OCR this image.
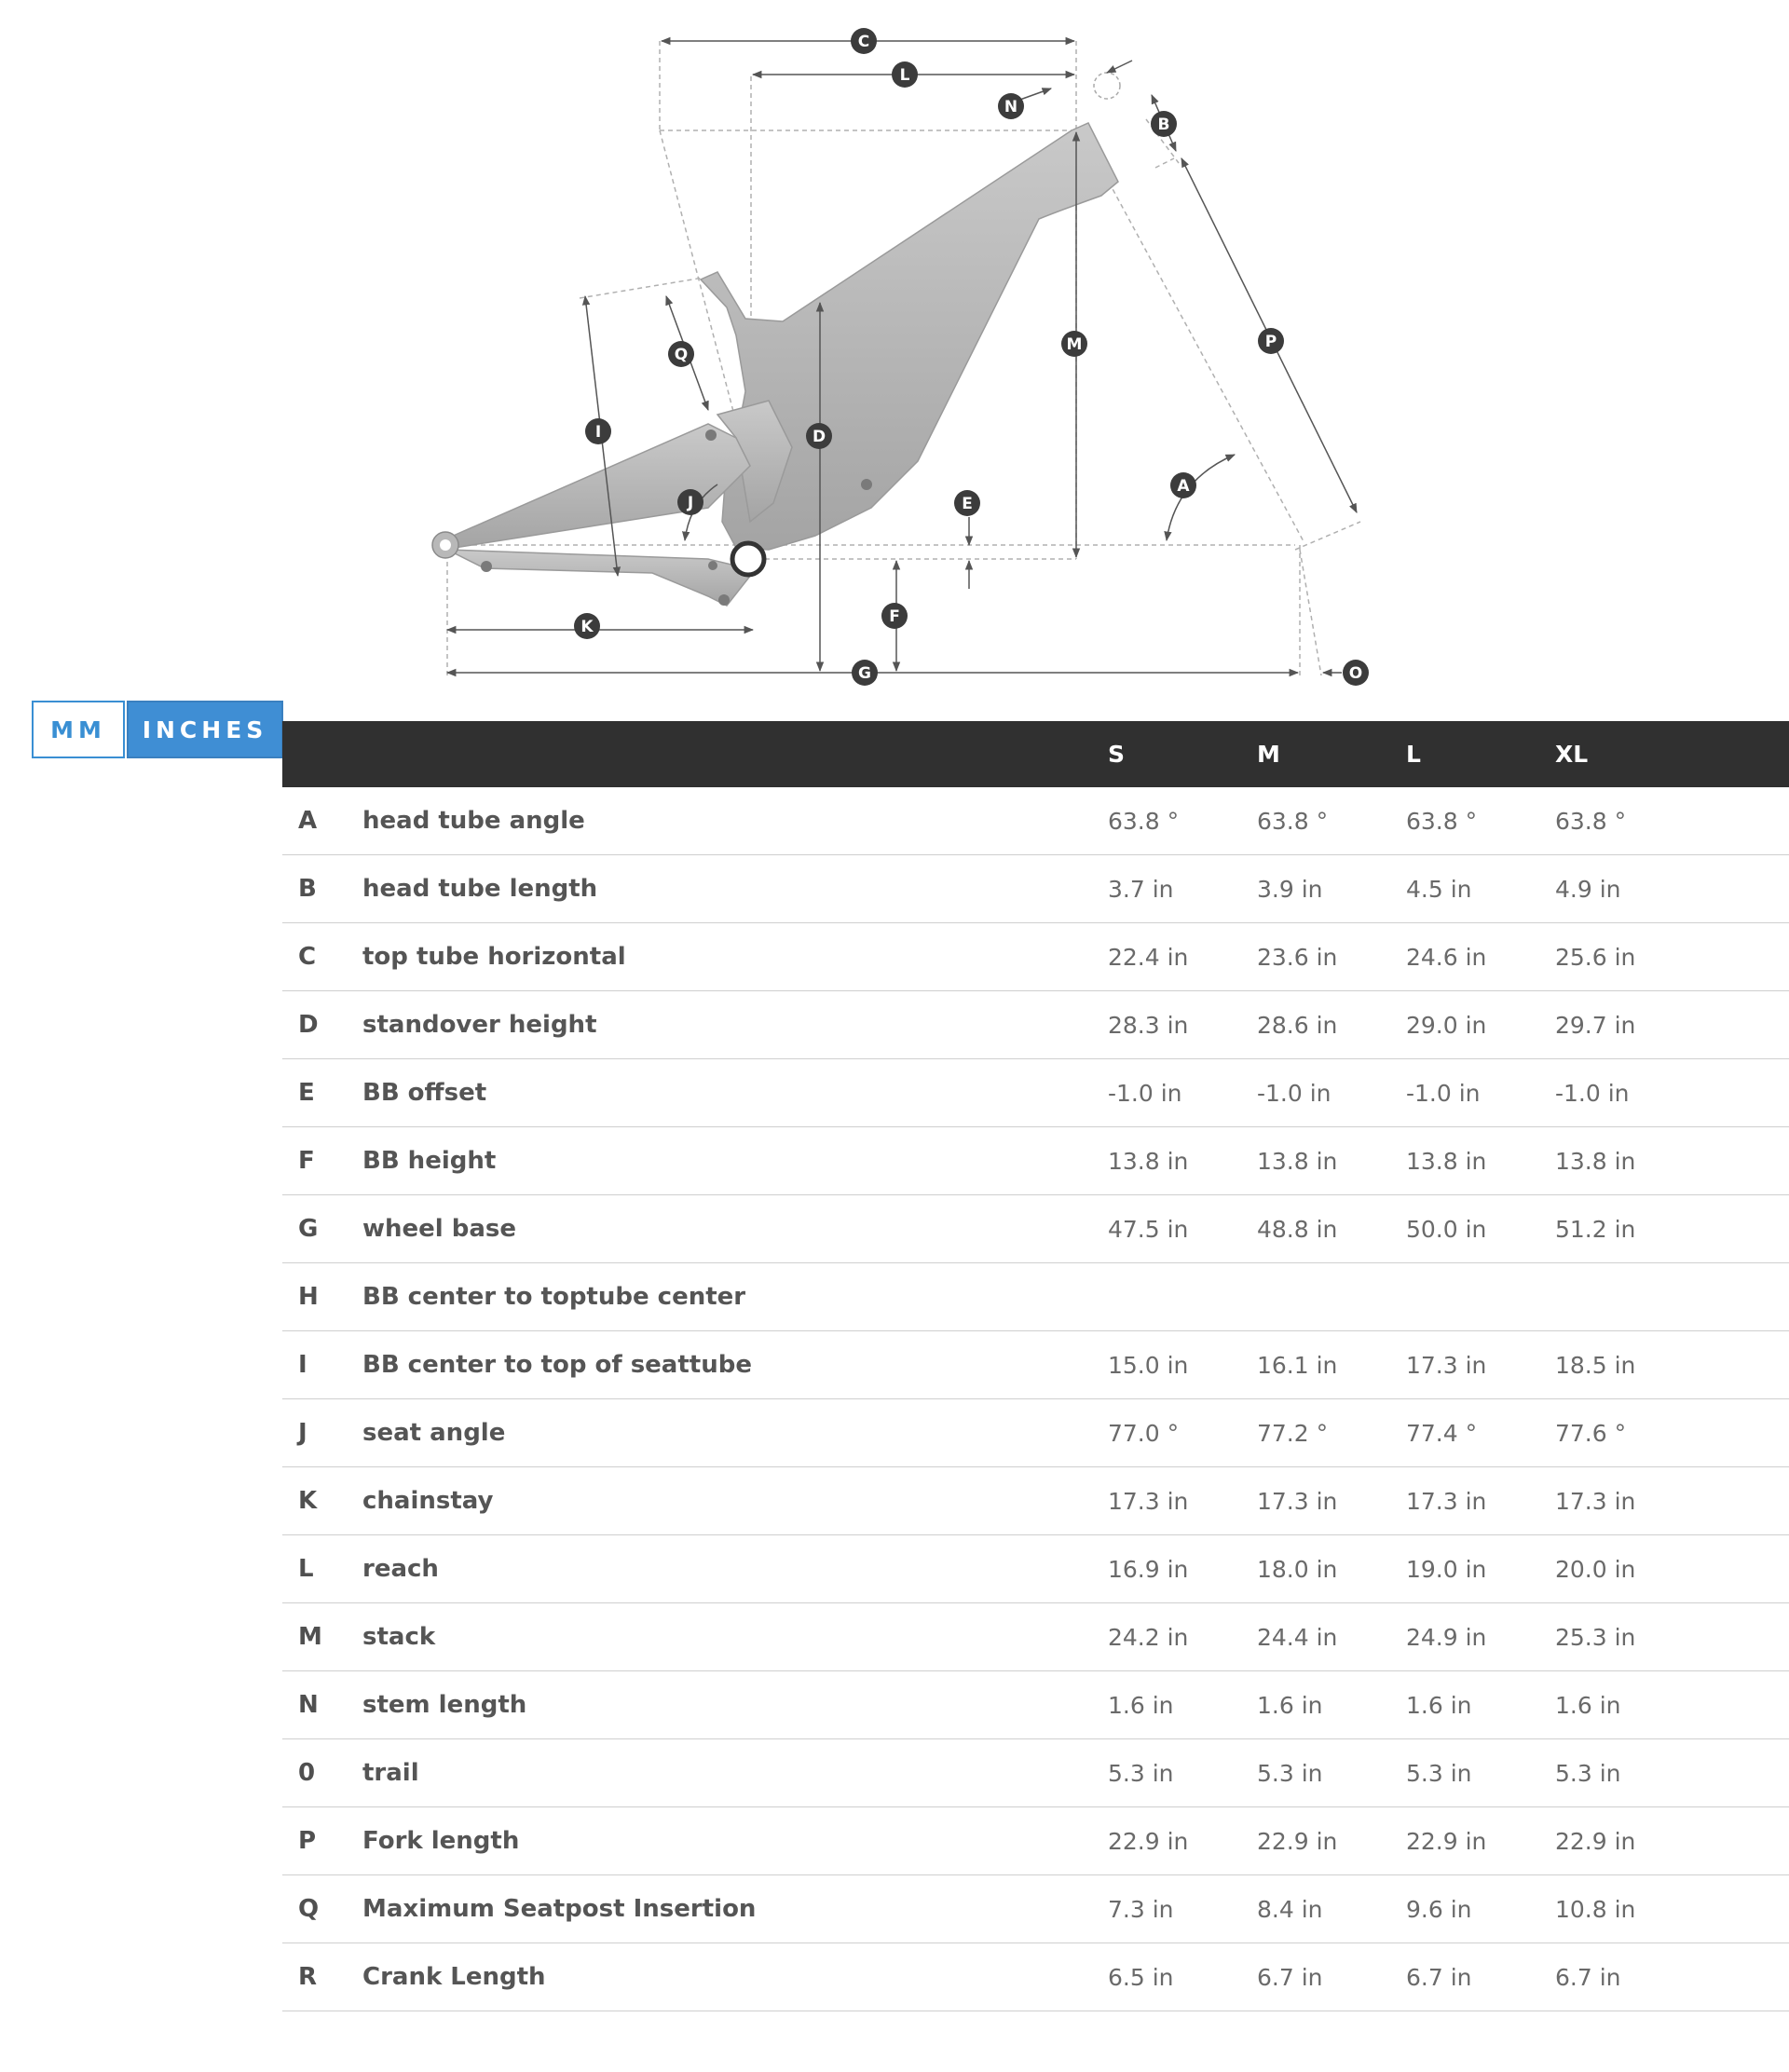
A
B
C
D
E
F
G
I
J
K
L
M
N
O
P
Q
MM	INCHES
		S	M	L	XL
A	head tube angle	63.8 °	63.8 °	63.8 °	63.8 °
B	head tube length	3.7 in	3.9 in	4.5 in	4.9 in
C	top tube horizontal	22.4 in	23.6 in	24.6 in	25.6 in
D	standover height	28.3 in	28.6 in	29.0 in	29.7 in
E	BB offset	-1.0 in	-1.0 in	-1.0 in	-1.0 in
F	BB height	13.8 in	13.8 in	13.8 in	13.8 in
G	wheel base	47.5 in	48.8 in	50.0 in	51.2 in
H	BB center to toptube center				
I	BB center to top of seattube	15.0 in	16.1 in	17.3 in	18.5 in
J	seat angle	77.0 °	77.2 °	77.4 °	77.6 °
K	chainstay	17.3 in	17.3 in	17.3 in	17.3 in
L	reach	16.9 in	18.0 in	19.0 in	20.0 in
M	stack	24.2 in	24.4 in	24.9 in	25.3 in
N	stem length	1.6 in	1.6 in	1.6 in	1.6 in
0	trail	5.3 in	5.3 in	5.3 in	5.3 in
P	Fork length	22.9 in	22.9 in	22.9 in	22.9 in
Q	Maximum Seatpost Insertion	7.3 in	8.4 in	9.6 in	10.8 in
R	Crank Length	6.5 in	6.7 in	6.7 in	6.7 in
